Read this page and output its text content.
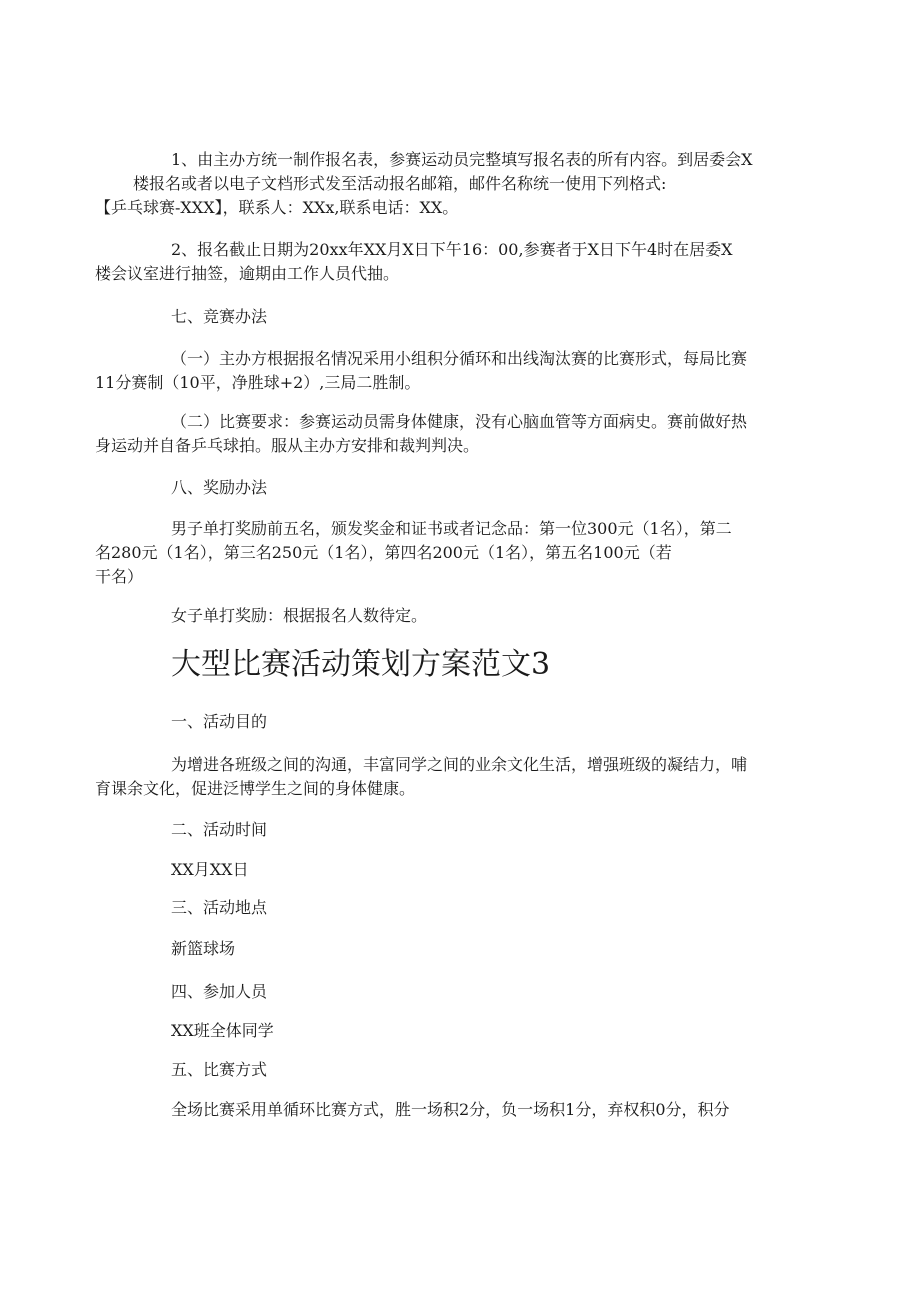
1、由主办方统一制作报名表，参赛运动员完整填写报名表的所有内容。到居委会X
楼报名或者以电子文档形式发至活动报名邮箱，邮件名称统一使用下列格式:
【乒乓球赛-XXX】，联系人：XXx,联系电话：XX。
2、报名截止日期为20xx年XX月X日下午16：00,参赛者于X日下午4时在居委X
楼会议室进行抽签，逾期由工作人员代抽。
七、竞赛办法
（一）主办方根据报名情况采用小组积分循环和出线淘汰赛的比赛形式，每局比赛
11分赛制（10平，净胜球+2）,三局二胜制。
（二）比赛要求：参赛运动员需身体健康，没有心脑血管等方面病史。赛前做好热
身运动并自备乒乓球拍。服从主办方安排和裁判判决。
八、奖励办法
男子单打奖励前五名，颁发奖金和证书或者记念品：第一位300元（1名），第二
名280元（1名），第三名250元（1名），第四名200元（1名），第五名100元（若
干名）
女子单打奖励：根据报名人数待定。
大型比赛活动策划方案范文3
一、活动目的
为增进各班级之间的沟通，丰富同学之间的业余文化生活，增强班级的凝结力，哺
育课余文化，促进泛博学生之间的身体健康。
二、活动时间
XX月XX日
三、活动地点
新篮球场
四、参加人员
XX班全体同学
五、比赛方式
全场比赛采用单循环比赛方式，胜一场积2分，负一场积1分，弃权积0分，积分
